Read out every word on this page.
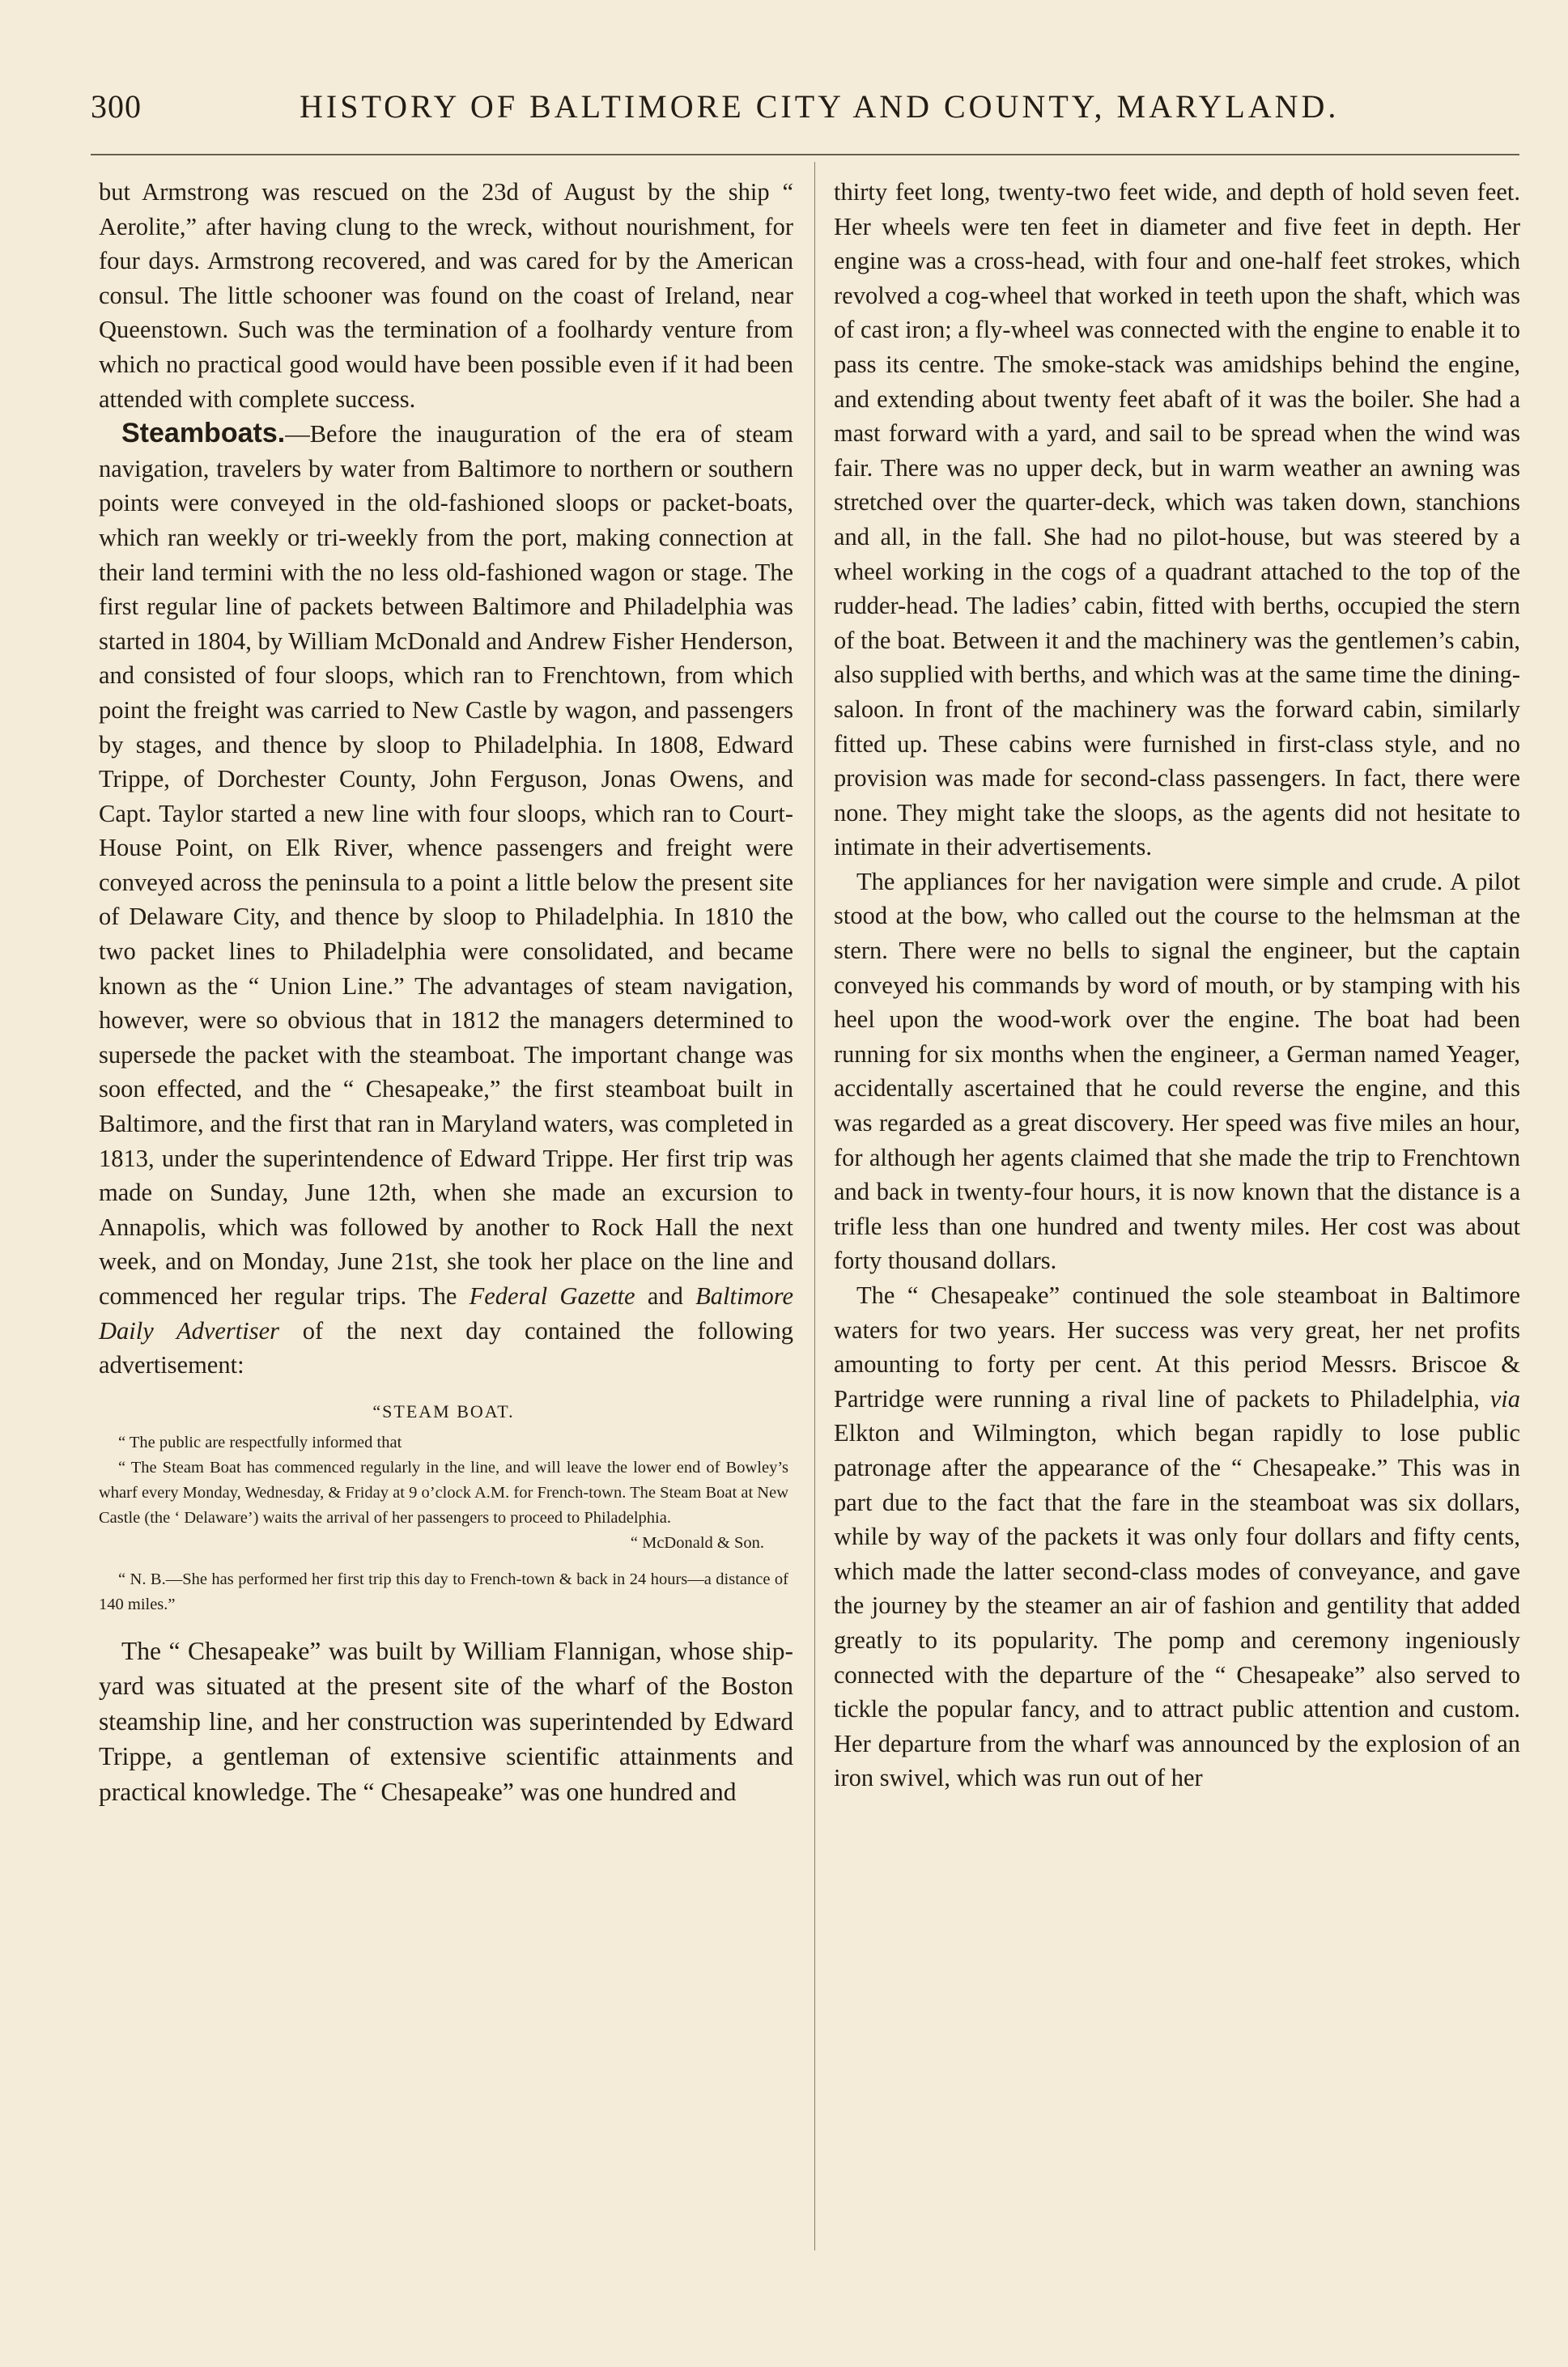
300	HISTORY OF BALTIMORE CITY AND COUNTY, MARYLAND.

but Armstrong was rescued on the 23d of August by the ship “ Aerolite,” after having clung to the wreck, without nourishment, for four days. Armstrong recovered, and was cared for by the American consul. The little schooner was found on the coast of Ireland, near Queenstown. Such was the termination of a foolhardy venture from which no practical good would have been possible even if it had been attended with complete success.

Steamboats.—Before the inauguration of the era of steam navigation, travelers by water from Baltimore to northern or southern points were conveyed in the old-fashioned sloops or packet-boats, which ran weekly or tri-weekly from the port, making connection at their land termini with the no less old-fashioned wagon or stage. The first regular line of packets between Baltimore and Philadelphia was started in 1804, by William McDonald and Andrew Fisher Henderson, and consisted of four sloops, which ran to Frenchtown, from which point the freight was carried to New Castle by wagon, and passengers by stages, and thence by sloop to Philadelphia. In 1808, Edward Trippe, of Dorchester County, John Ferguson, Jonas Owens, and Capt. Taylor started a new line with four sloops, which ran to Court-House Point, on Elk River, whence passengers and freight were conveyed across the peninsula to a point a little below the present site of Delaware City, and thence by sloop to Philadelphia. In 1810 the two packet lines to Philadelphia were consolidated, and became known as the “ Union Line.” The advantages of steam navigation, however, were so obvious that in 1812 the managers determined to supersede the packet with the steamboat. The important change was soon effected, and the “ Chesapeake,” the first steamboat built in Baltimore, and the first that ran in Maryland waters, was completed in 1813, under the superintendence of Edward Trippe. Her first trip was made on Sunday, June 12th, when she made an excursion to Annapolis, which was followed by another to Rock Hall the next week, and on Monday, June 21st, she took her place on the line and commenced her regular trips. The Federal Gazette and Baltimore Daily Advertiser of the next day contained the following advertisement:

“STEAM BOAT.

“ The public are respectfully informed that

“ The Steam Boat has commenced regularly in the line, and will leave the lower end of Bowley’s wharf every Monday, Wednesday, & Friday at 9 o’clock A.M. for French-town. The Steam Boat at New Castle (the ‘ Delaware’) waits the arrival of her passengers to proceed to Philadelphia.

“ McDonald & Son.

“ N. B.—She has performed her first trip this day to French-town & back in 24 hours—a distance of 140 miles.”

The “ Chesapeake” was built by William Flannigan, whose ship-yard was situated at the present site of the wharf of the Boston steamship line, and her construction was superintended by Edward Trippe, a gentleman of extensive scientific attainments and practical knowledge. The “ Chesapeake” was one hundred and

thirty feet long, twenty-two feet wide, and depth of hold seven feet. Her wheels were ten feet in diameter and five feet in depth. Her engine was a cross-head, with four and one-half feet strokes, which revolved a cog-wheel that worked in teeth upon the shaft, which was of cast iron; a fly-wheel was connected with the engine to enable it to pass its centre. The smoke-stack was amidships behind the engine, and extending about twenty feet abaft of it was the boiler. She had a mast forward with a yard, and sail to be spread when the wind was fair. There was no upper deck, but in warm weather an awning was stretched over the quarter-deck, which was taken down, stanchions and all, in the fall. She had no pilot-house, but was steered by a wheel working in the cogs of a quadrant attached to the top of the rudder-head. The ladies’ cabin, fitted with berths, occupied the stern of the boat. Between it and the machinery was the gentlemen’s cabin, also supplied with berths, and which was at the same time the dining-saloon. In front of the machinery was the forward cabin, similarly fitted up. These cabins were furnished in first-class style, and no provision was made for second-class passengers. In fact, there were none. They might take the sloops, as the agents did not hesitate to intimate in their advertisements.

The appliances for her navigation were simple and crude. A pilot stood at the bow, who called out the course to the helmsman at the stern. There were no bells to signal the engineer, but the captain conveyed his commands by word of mouth, or by stamping with his heel upon the wood-work over the engine. The boat had been running for six months when the engineer, a German named Yeager, accidentally ascertained that he could reverse the engine, and this was regarded as a great discovery. Her speed was five miles an hour, for although her agents claimed that she made the trip to Frenchtown and back in twenty-four hours, it is now known that the distance is a trifle less than one hundred and twenty miles. Her cost was about forty thousand dollars.

The “ Chesapeake” continued the sole steamboat in Baltimore waters for two years. Her success was very great, her net profits amounting to forty per cent. At this period Messrs. Briscoe & Partridge were running a rival line of packets to Philadelphia, via Elkton and Wilmington, which began rapidly to lose public patronage after the appearance of the “ Chesapeake.” This was in part due to the fact that the fare in the steamboat was six dollars, while by way of the packets it was only four dollars and fifty cents, which made the latter second-class modes of conveyance, and gave the journey by the steamer an air of fashion and gentility that added greatly to its popularity. The pomp and ceremony ingeniously connected with the departure of the “ Chesapeake” also served to tickle the popular fancy, and to attract public attention and custom. Her departure from the wharf was announced by the explosion of an iron swivel, which was run out of her
